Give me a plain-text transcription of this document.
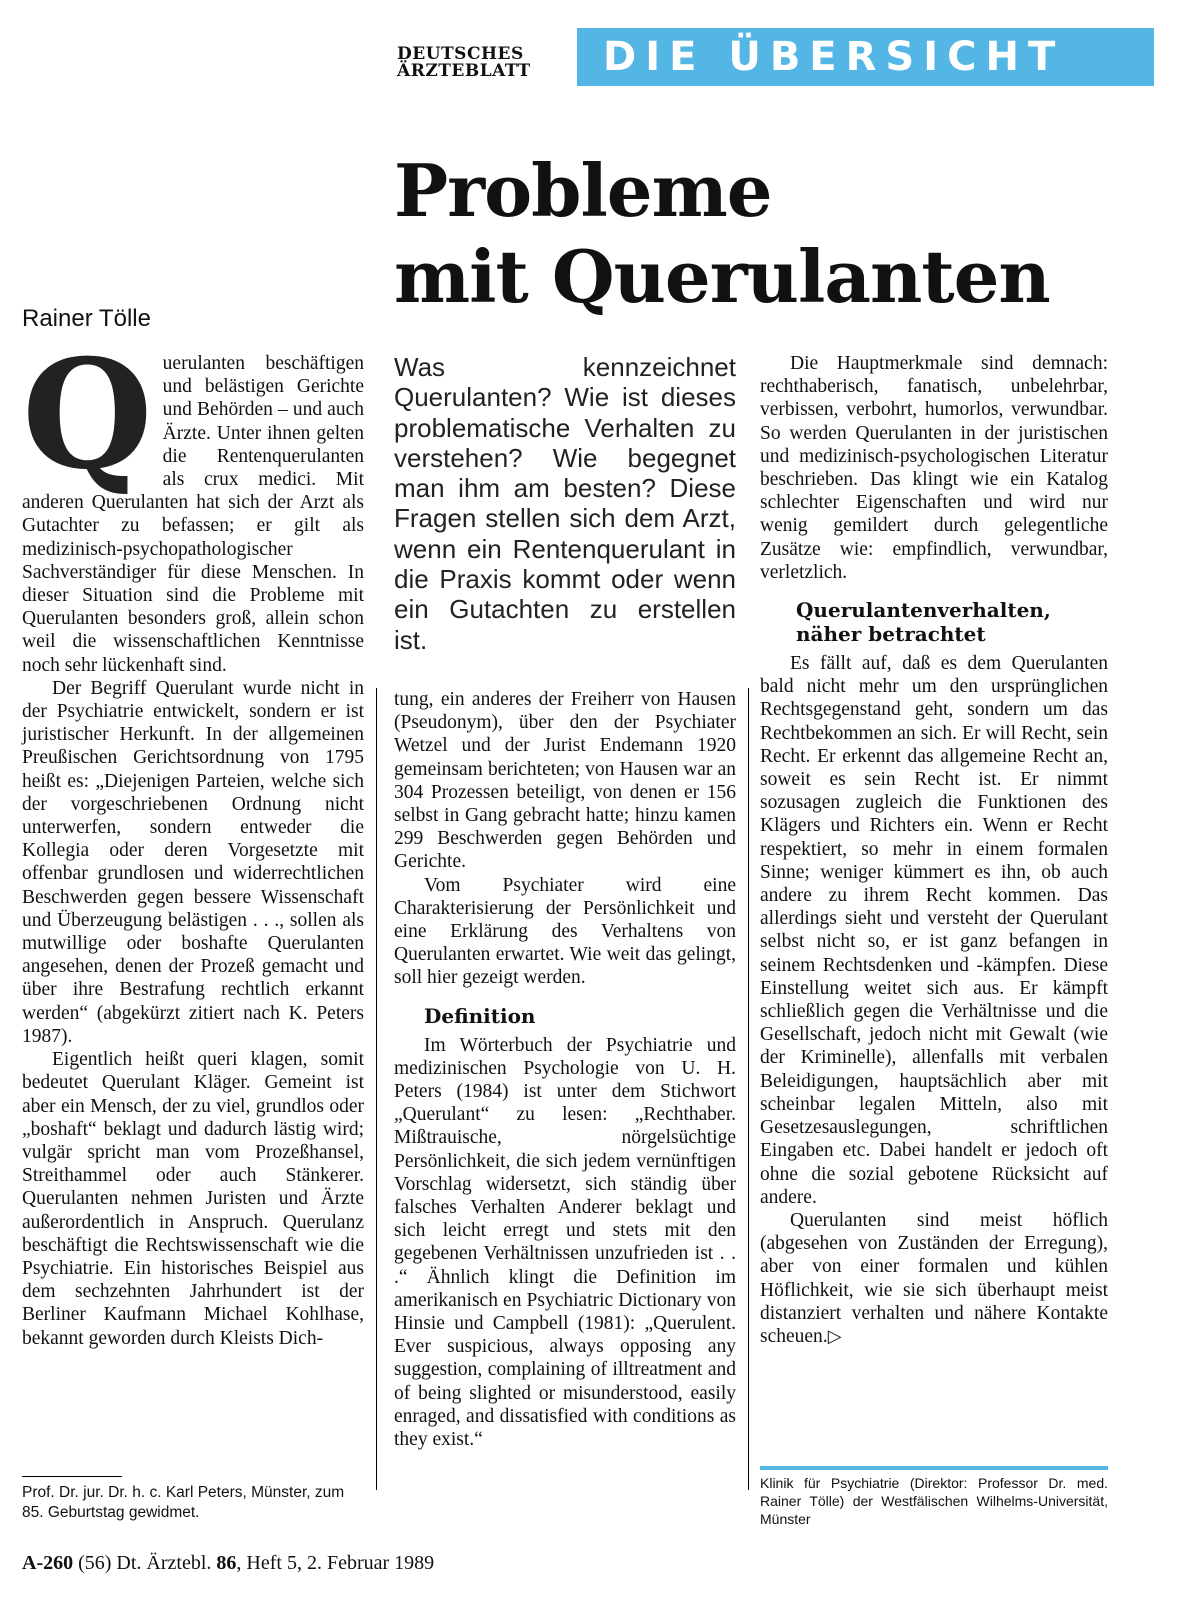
DEUTSCHES
ÄRZTEBLATT	DIE ÜBERSICHT
Probleme
mit Querulanten
Rainer Tölle
Q uerulanten beschäftigen und belästigen Gerichte und Behörden – und auch Ärzte. Unter ihnen gelten die Rentenquerulanten als crux medici. Mit anderen Querulanten hat sich der Arzt als Gutachter zu befassen; er gilt als medizinisch-psychopathologischer Sachverständiger für diese Menschen. In dieser Situation sind die Probleme mit Querulanten besonders groß, allein schon weil die wissenschaftlichen Kenntnisse noch sehr lückenhaft sind.

Der Begriff Querulant wurde nicht in der Psychiatrie entwickelt, sondern er ist juristischer Herkunft. In der allgemeinen Preußischen Gerichtsordnung von 1795 heißt es: „Diejenigen Parteien, welche sich der vorgeschriebenen Ordnung nicht unterwerfen, sondern entweder die Kollegia oder deren Vorgesetzte mit offenbar grundlosen und widerrechtlichen Beschwerden gegen bessere Wissenschaft und Überzeugung belästigen . . ., sollen als mutwillige oder boshafte Querulanten angesehen, denen der Prozeß gemacht und über ihre Bestrafung rechtlich erkannt werden“ (abgekürzt zitiert nach K. Peters 1987).

Eigentlich heißt queri klagen, somit bedeutet Querulant Kläger. Gemeint ist aber ein Mensch, der zu viel, grundlos oder „boshaft“ beklagt und dadurch lästig wird; vulgär spricht man vom Prozeßhansel, Streithammel oder auch Stänkerer. Querulanten nehmen Juristen und Ärzte außerordentlich in Anspruch. Querulanz beschäftigt die Rechtswissenschaft wie die Psychiatrie. Ein historisches Beispiel aus dem sechzehnten Jahrhundert ist der Berliner Kaufmann Michael Kohlhase, bekannt geworden durch Kleists Dich-

Was kennzeichnet Querulanten? Wie ist dieses problematische Verhalten zu verstehen? Wie begegnet man ihm am besten? Diese Fragen stellen sich dem Arzt, wenn ein Rentenquerulant in die Praxis kommt oder wenn ein Gutachten zu erstellen ist.

tung, ein anderes der Freiherr von Hausen (Pseudonym), über den der Psychiater Wetzel und der Jurist Endemann 1920 gemeinsam berichteten; von Hausen war an 304 Prozessen beteiligt, von denen er 156 selbst in Gang gebracht hatte; hinzu kamen 299 Beschwerden gegen Behörden und Gerichte.

Vom Psychiater wird eine Charakterisierung der Persönlichkeit und eine Erklärung des Verhaltens von Querulanten erwartet. Wie weit das gelingt, soll hier gezeigt werden.

Definition

Im Wörterbuch der Psychiatrie und medizinischen Psychologie von U. H. Peters (1984) ist unter dem Stichwort „Querulant“ zu lesen: „Rechthaber. Mißtrauische, nörgelsüchtige Persönlichkeit, die sich jedem vernünftigen Vorschlag widersetzt, sich ständig über falsches Verhalten Anderer beklagt und sich leicht erregt und stets mit den gegebenen Verhältnissen unzufrieden ist . . .“ Ähnlich klingt die Definition im amerikanisch en Psychiatric Dictionary von Hinsie und Campbell (1981): „Querulent. Ever suspicious, always opposing any suggestion, complaining of illtreatment and of being slighted or misunderstood, easily enraged, and dissatisfied with conditions as they exist.“

Die Hauptmerkmale sind demnach: rechthaberisch, fanatisch, unbelehrbar, verbissen, verbohrt, humorlos, verwundbar. So werden Querulanten in der juristischen und medizinisch-psychologischen Literatur beschrieben. Das klingt wie ein Katalog schlechter Eigenschaften und wird nur wenig gemildert durch gelegentliche Zusätze wie: empfindlich, verwundbar, verletzlich.

Querulantenverhalten,
näher betrachtet

Es fällt auf, daß es dem Querulanten bald nicht mehr um den ursprünglichen Rechtsgegenstand geht, sondern um das Rechtbekommen an sich. Er will Recht, sein Recht. Er erkennt das allgemeine Recht an, soweit es sein Recht ist. Er nimmt sozusagen zugleich die Funktionen des Klägers und Richters ein. Wenn er Recht respektiert, so mehr in einem formalen Sinne; weniger kümmert es ihn, ob auch andere zu ihrem Recht kommen. Das allerdings sieht und versteht der Querulant selbst nicht so, er ist ganz befangen in seinem Rechtsdenken und -kämpfen. Diese Einstellung weitet sich aus. Er kämpft schließlich gegen die Verhältnisse und die Gesellschaft, jedoch nicht mit Gewalt (wie der Kriminelle), allenfalls mit verbalen Beleidigungen, hauptsächlich aber mit scheinbar legalen Mitteln, also mit Gesetzesauslegungen, schriftlichen Eingaben etc. Dabei handelt er jedoch oft ohne die sozial gebotene Rücksicht auf andere.

Querulanten sind meist höflich (abgesehen von Zuständen der Erregung), aber von einer formalen und kühlen Höflichkeit, wie sie sich überhaupt meist distanziert verhalten und nähere Kontakte scheuen.▷

Prof. Dr. jur. Dr. h. c. Karl Peters, Münster, zum 85. Geburtstag gewidmet.
Klinik für Psychiatrie (Direktor: Professor Dr. med. Rainer Tölle) der Westfälischen Wilhelms-Universität, Münster
A-260 (56) Dt. Ärztebl. 86, Heft 5, 2. Februar 1989
